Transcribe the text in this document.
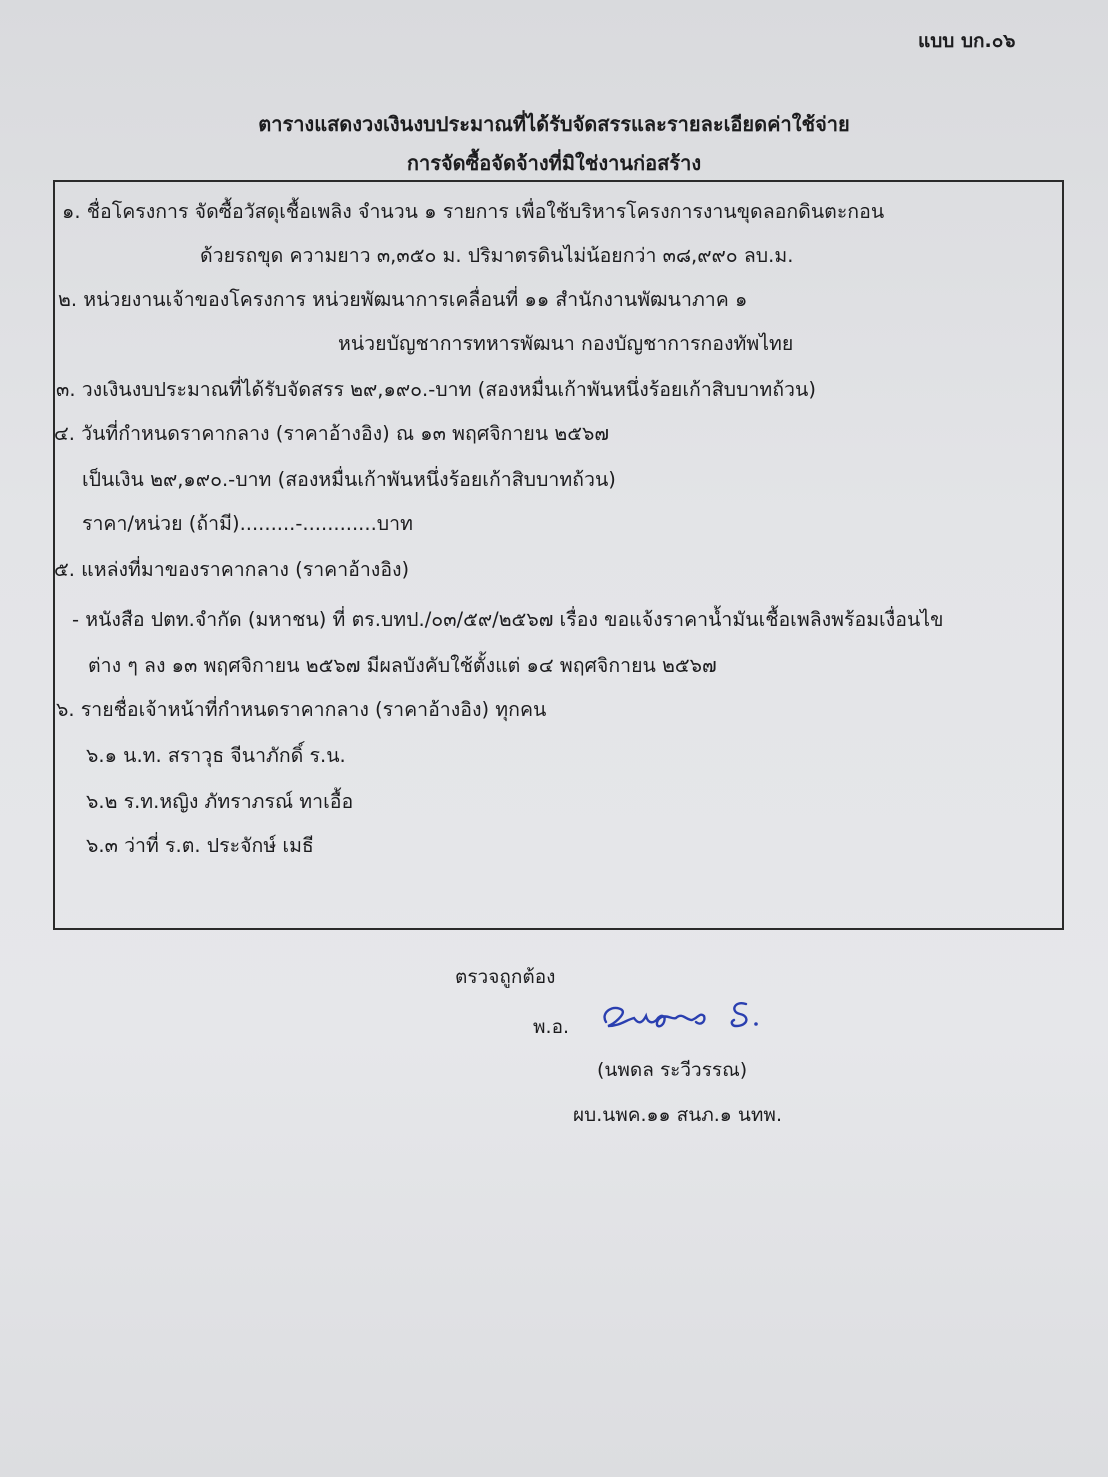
แบบ บก.๐๖
ตารางแสดงวงเงินงบประมาณที่ได้รับจัดสรรและรายละเอียดค่าใช้จ่าย
การจัดซื้อจัดจ้างที่มิใช่งานก่อสร้าง
๑. ชื่อโครงการ จัดซื้อวัสดุเชื้อเพลิง จำนวน ๑ รายการ เพื่อใช้บริหารโครงการงานขุดลอกดินตะกอน
ด้วยรถขุด ความยาว ๓,๓๕๐ ม. ปริมาตรดินไม่น้อยกว่า ๓๘,๙๙๐ ลบ.ม.
๒. หน่วยงานเจ้าของโครงการ หน่วยพัฒนาการเคลื่อนที่ ๑๑ สำนักงานพัฒนาภาค ๑
หน่วยบัญชาการทหารพัฒนา กองบัญชาการกองทัพไทย
๓. วงเงินงบประมาณที่ได้รับจัดสรร ๒๙,๑๙๐.-บาท (สองหมื่นเก้าพันหนึ่งร้อยเก้าสิบบาทถ้วน)
๔. วันที่กำหนดราคากลาง (ราคาอ้างอิง) ณ ๑๓ พฤศจิกายน ๒๕๖๗
เป็นเงิน ๒๙,๑๙๐.-บาท (สองหมื่นเก้าพันหนึ่งร้อยเก้าสิบบาทถ้วน)
ราคา/หน่วย (ถ้ามี).........-............บาท
๕. แหล่งที่มาของราคากลาง (ราคาอ้างอิง)
- หนังสือ ปตท.จำกัด (มหาชน) ที่ ตร.บทป./๐๓/๕๙/๒๕๖๗ เรื่อง ขอแจ้งราคาน้ำมันเชื้อเพลิงพร้อมเงื่อนไข
ต่าง ๆ ลง ๑๓ พฤศจิกายน ๒๕๖๗ มีผลบังคับใช้ตั้งแต่ ๑๔ พฤศจิกายน ๒๕๖๗
๖. รายชื่อเจ้าหน้าที่กำหนดราคากลาง (ราคาอ้างอิง) ทุกคน
๖.๑ น.ท. สราวุธ จีนาภักดิ์ ร.น.
๖.๒ ร.ท.หญิง ภัทราภรณ์ ทาเอื้อ
๖.๓ ว่าที่ ร.ต. ประจักษ์ เมธี
ตรวจถูกต้อง
พ.อ.
(นพดล ระวีวรรณ)
ผบ.นพค.๑๑ สนภ.๑ นทพ.
